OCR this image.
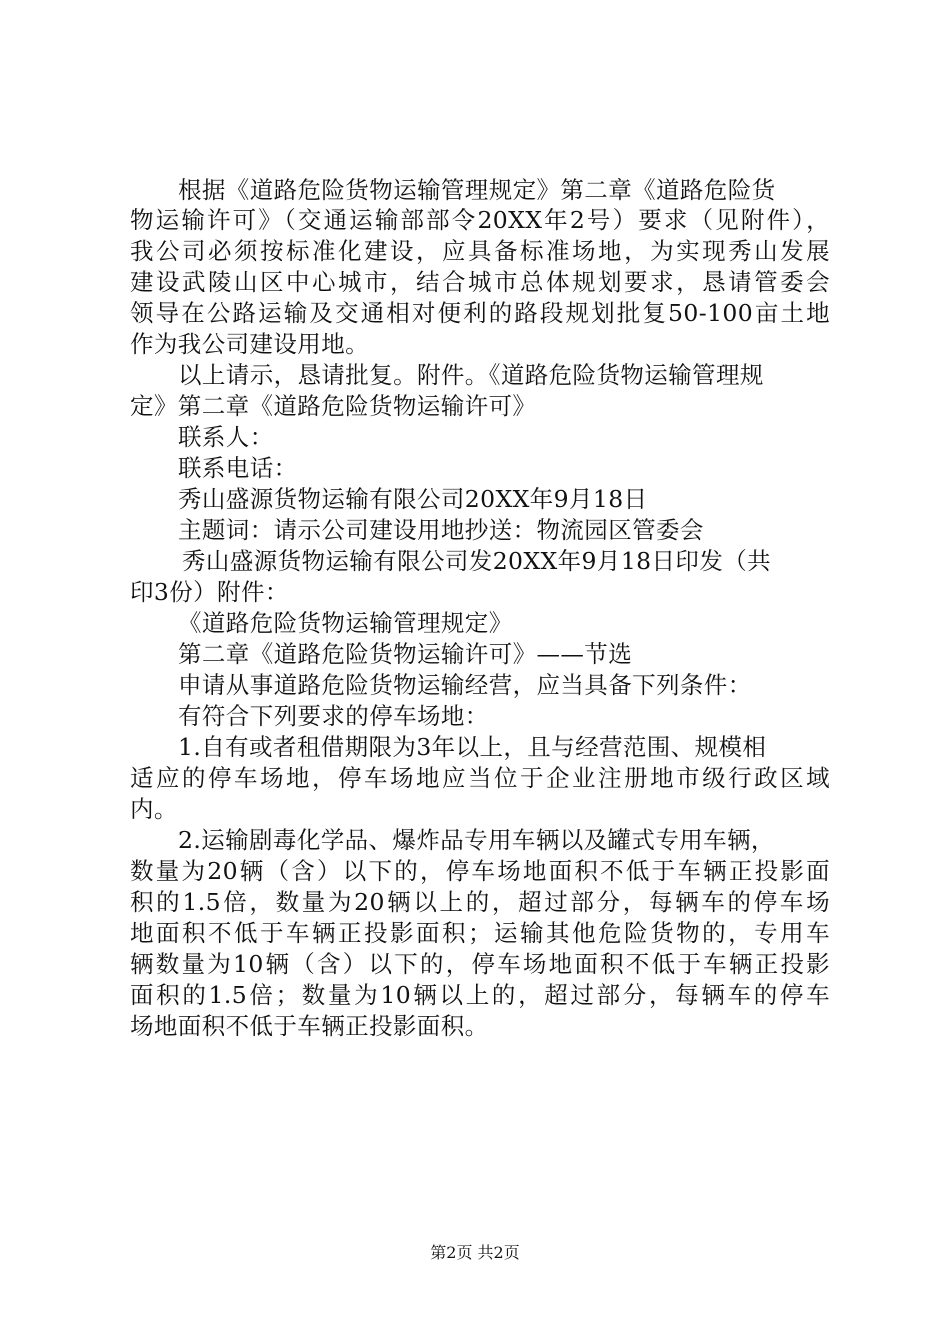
根据《道路危险货物运输管理规定》第二章《道路危险货
物运输许可》（交通运输部部令20XX年2号）要求（见附件），
我公司必须按标准化建设，应具备标准场地，为实现秀山发展
建设武陵山区中心城市，结合城市总体规划要求，恳请管委会
领导在公路运输及交通相对便利的路段规划批复50-100亩土地
作为我公司建设用地。
以上请示，恳请批复。附件。《道路危险货物运输管理规
定》第二章《道路危险货物运输许可》
联系人：
联系电话：
秀山盛源货物运输有限公司20XX年9月18日
主题词：请示公司建设用地抄送：物流园区管委会
秀山盛源货物运输有限公司发20XX年9月18日印发（共
印3份）附件：
《道路危险货物运输管理规定》
第二章《道路危险货物运输许可》——节选
申请从事道路危险货物运输经营，应当具备下列条件：
有符合下列要求的停车场地：
1.自有或者租借期限为3年以上，且与经营范围、规模相
适应的停车场地，停车场地应当位于企业注册地市级行政区域
内。
2.运输剧毒化学品、爆炸品专用车辆以及罐式专用车辆，
数量为20辆（含）以下的，停车场地面积不低于车辆正投影面
积的1.5倍，数量为20辆以上的，超过部分，每辆车的停车场
地面积不低于车辆正投影面积；运输其他危险货物的，专用车
辆数量为10辆（含）以下的，停车场地面积不低于车辆正投影
面积的1.5倍；数量为10辆以上的，超过部分，每辆车的停车
场地面积不低于车辆正投影面积。
第2页 共2页
